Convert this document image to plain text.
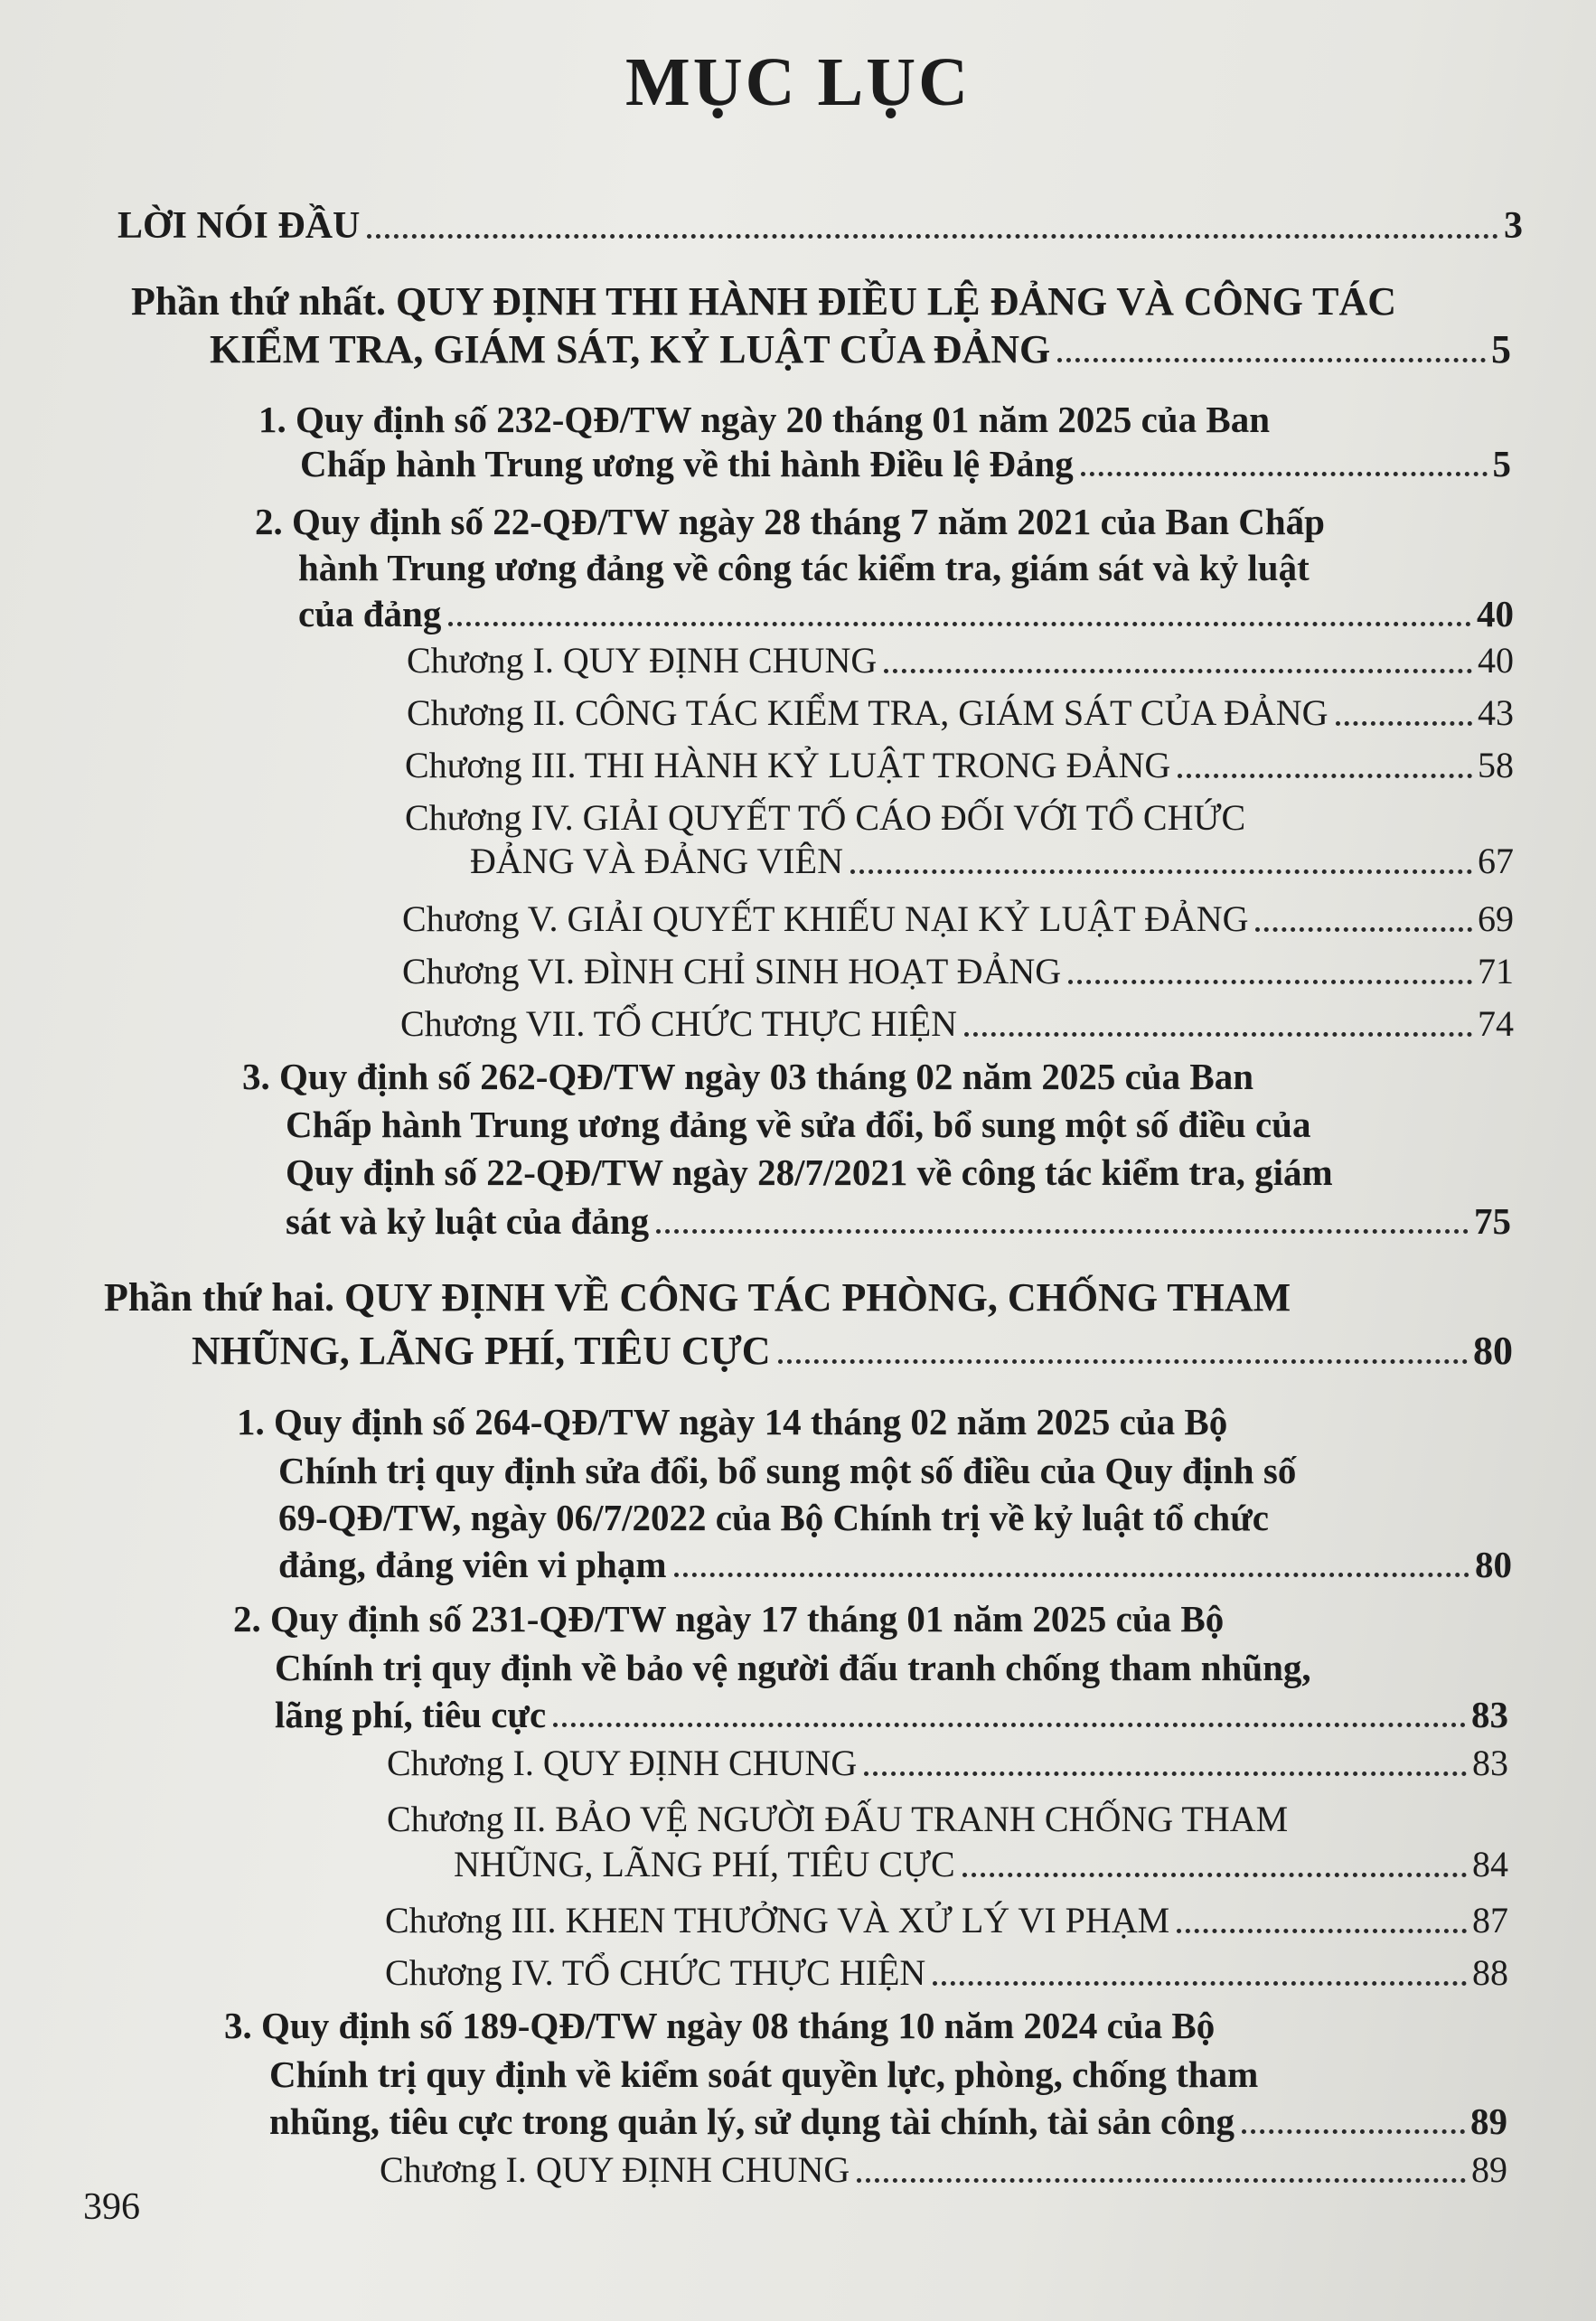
MỤC LỤC
LỜI NÓI ĐẦU	3
Phần thứ nhất. QUY ĐỊNH THI HÀNH ĐIỀU LỆ ĐẢNG VÀ CÔNG TÁC
KIỂM TRA, GIÁM SÁT, KỶ LUẬT CỦA ĐẢNG	5
1. Quy định số 232-QĐ/TW ngày 20 tháng 01 năm 2025 của Ban
Chấp hành Trung ương về thi hành Điều lệ Đảng	5
2. Quy định số 22-QĐ/TW ngày 28 tháng 7 năm 2021 của Ban Chấp
hành Trung ương đảng về công tác kiểm tra, giám sát và kỷ luật
của đảng	40
Chương I. QUY ĐỊNH CHUNG	40
Chương II. CÔNG TÁC KIỂM TRA, GIÁM SÁT CỦA ĐẢNG	43
Chương III. THI HÀNH KỶ LUẬT TRONG ĐẢNG	58
Chương IV. GIẢI QUYẾT TỐ CÁO ĐỐI VỚI TỔ CHỨC
ĐẢNG VÀ ĐẢNG VIÊN	67
Chương V. GIẢI QUYẾT KHIẾU NẠI KỶ LUẬT ĐẢNG	69
Chương VI. ĐÌNH CHỈ SINH HOẠT ĐẢNG	71
Chương VII. TỔ CHỨC THỰC HIỆN	74
3. Quy định số 262-QĐ/TW ngày 03 tháng 02 năm 2025 của Ban
Chấp hành Trung ương đảng về sửa đổi, bổ sung một số điều của
Quy định số 22-QĐ/TW ngày 28/7/2021 về công tác kiểm tra, giám
sát và kỷ luật của đảng	75
Phần thứ hai. QUY ĐỊNH VỀ CÔNG TÁC PHÒNG, CHỐNG THAM
NHŨNG, LÃNG PHÍ, TIÊU CỰC	80
1. Quy định số 264-QĐ/TW ngày 14 tháng 02 năm 2025 của Bộ
Chính trị quy định sửa đổi, bổ sung một số điều của Quy định số
69-QĐ/TW, ngày 06/7/2022 của Bộ Chính trị về kỷ luật tổ chức
đảng, đảng viên vi phạm	80
2. Quy định số 231-QĐ/TW ngày 17 tháng 01 năm 2025 của Bộ
Chính trị quy định về bảo vệ người đấu tranh chống tham nhũng,
lãng phí, tiêu cực	83
Chương I. QUY ĐỊNH CHUNG	83
Chương II. BẢO VỆ NGƯỜI ĐẤU TRANH CHỐNG THAM
NHŨNG, LÃNG PHÍ, TIÊU CỰC	84
Chương III. KHEN THƯỞNG VÀ XỬ LÝ VI PHẠM	87
Chương IV. TỔ CHỨC THỰC HIỆN	88
3. Quy định số 189-QĐ/TW ngày 08 tháng 10 năm 2024 của Bộ
Chính trị quy định về kiểm soát quyền lực, phòng, chống tham
nhũng, tiêu cực trong quản lý, sử dụng tài chính, tài sản công	89
Chương I. QUY ĐỊNH CHUNG	89
396
